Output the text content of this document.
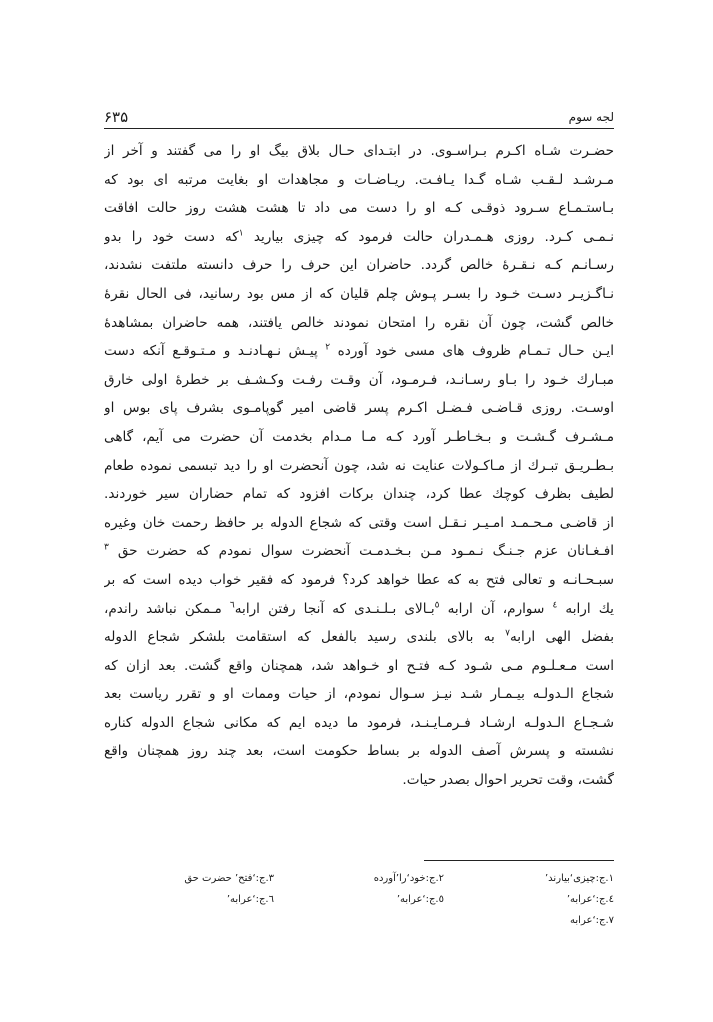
لجه سوم
۶۳۵
حضـرت شـاه اکـرم بـراسـوی. در ابتـدای حـال بلاق بیگ او را می گفتند و آخر از
مـرشـد لـقـب شـاه گـدا یـافـت. ریـاضـات و مجاهدات او بغایت مرتبه ای بود که
بـاستـمـاع سـرود ذوقـی کـه او را دست می داد تا هشت هشت روز حالت افاقت
نـمـی کـرد. روزی هـمـدران حالت فرمود که چیزی بیارید $^١$که دست خود را بدو
رسـانـم کـه نـقـرهٔ خالص گردد. حاضران این حرف را حرف دانسته ملتفت نشدند،
نـاگـزیـر دسـت خـود را بسـر پـوش چلم قلیان که از مس بود رسانید، فی الحال نقرهٔ
خالص گشت، چون آن نقره را امتحان نمودند خالص یافتند، همه حاضران بمشاهدهٔ
ایـن حـال تـمـام ظروف های مسی خود آورده $^٢$ پیـش نـهـادنـد و مـتـوقـع آنکه دست
مبـارك خـود را بـاو رسـانـد، فـرمـود، آن وقـت رفـت وکـشـف بر خطرهٔ اولی خارق
اوسـت. روزی قـاضـی فـضـل اکـرم پسر قاضی امیر گوپامـوی بشرف پای بوس او
مـشـرف گـشـت و بـخـاطـر آورد کـه مـا مـدام بخدمت آن حضرت می آیم، گاهی
بـطـریـق تبـرك از مـاکـولات عنایت نه شد، چون آنحضرت او را دید تبسمی نموده طعام
لطیف بظرف کوچك عطا کرد، چندان برکات افزود که تمام حضاران سیر خوردند.
از قاضـی مـحـمـد امـیـر نـقـل است وقتی که شجاع الدوله بر حافظ رحمت خان وغیره
افـغـانان عزم جـنـگ نـمـود مـن بـخـدمـت آنحضرت سوال نمودم که حضرت حق $^٣$
سبـحـانـه و تعالی فتح به که عطا خواهد کرد؟ فرمود که فقیر خواب دیده است که بر
یك ارابه $^٤$ سوارم، آن ارابه $^٥$بـالای بـلـنـدی که آنجا رفتن ارابه$^٦$ مـمکن نباشد راندم،
بفضل الهی ارابه$^٧$ به بالای بلندی رسید بالفعل که استقامت بلشکر شجاع الدوله
است مـعـلـوم مـی شـود کـه فتـح او خـواهد شد، همچنان واقع گشت. بعد ازان که
شجاع الـدولـه بیـمـار شـد نیـز سـوال نمودم، از حیات وممات او و تقرر ریاست بعد
شـجـاع الـدولـه ارشـاد فـرمـایـنـد، فرمود ما دیده ایم که مکانی شجاع الدوله کناره
نشسته و پسرش آصف الدوله بر بساط حکومت است، بعد چند روز همچنان واقع
گشت، وقت تحریر احوال بصدر حیات.
١.ج:چیزی‘بیارند’
٢.ج:خود‘را’آورده
٣.ج:‘فتح’ حضرت حق
٤.ج:‘عرابه’
٥.ج:‘عرابه’
٦.ج:‘عرابه’
٧.ج:‘عرابه
